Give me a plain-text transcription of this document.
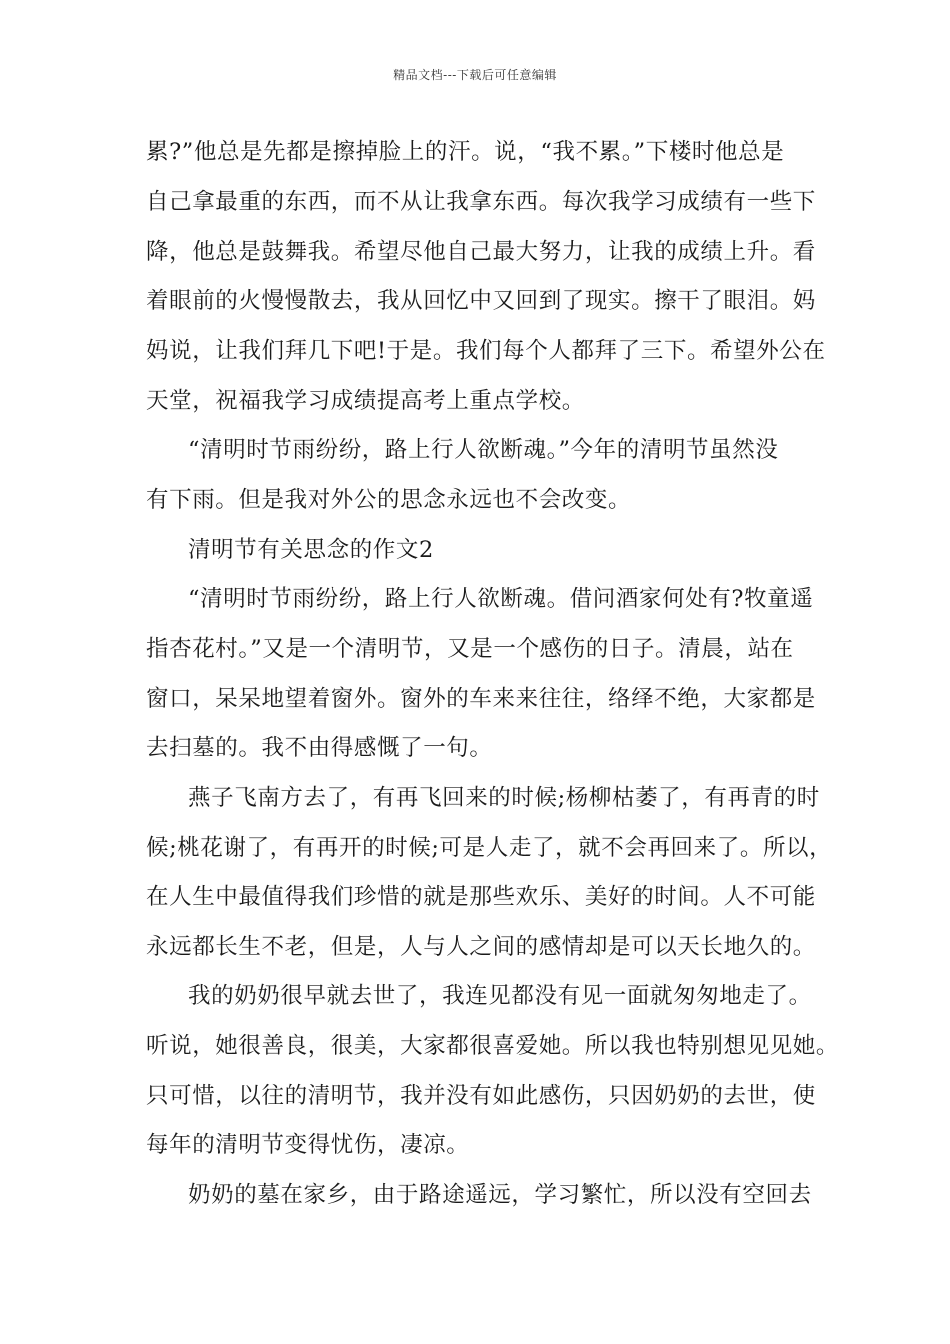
精品文档---下载后可任意编辑
累?”他总是先都是擦掉脸上的汗。说，“我不累。”下楼时他总是
自己拿最重的东西，而不从让我拿东西。每次我学习成绩有一些下
降，他总是鼓舞我。希望尽他自己最大努力，让我的成绩上升。看
着眼前的火慢慢散去，我从回忆中又回到了现实。擦干了眼泪。妈
妈说，让我们拜几下吧!于是。我们每个人都拜了三下。希望外公在
天堂，祝福我学习成绩提高考上重点学校。
“清明时节雨纷纷，路上行人欲断魂。”今年的清明节虽然没
有下雨。但是我对外公的思念永远也不会改变。
清明节有关思念的作文2
“清明时节雨纷纷，路上行人欲断魂。借问酒家何处有?牧童遥
指杏花村。”又是一个清明节，又是一个感伤的日子。清晨，站在
窗口，呆呆地望着窗外。窗外的车来来往往，络绎不绝，大家都是
去扫墓的。我不由得感慨了一句。
燕子飞南方去了，有再飞回来的时候;杨柳枯萎了，有再青的时
候;桃花谢了，有再开的时候;可是人走了，就不会再回来了。所以，
在人生中最值得我们珍惜的就是那些欢乐、美好的时间。人不可能
永远都长生不老，但是，人与人之间的感情却是可以天长地久的。
我的奶奶很早就去世了，我连见都没有见一面就匆匆地走了。
听说，她很善良，很美，大家都很喜爱她。所以我也特别想见见她。
只可惜，以往的清明节，我并没有如此感伤，只因奶奶的去世，使
每年的清明节变得忧伤，凄凉。
奶奶的墓在家乡，由于路途遥远，学习繁忙，所以没有空回去
